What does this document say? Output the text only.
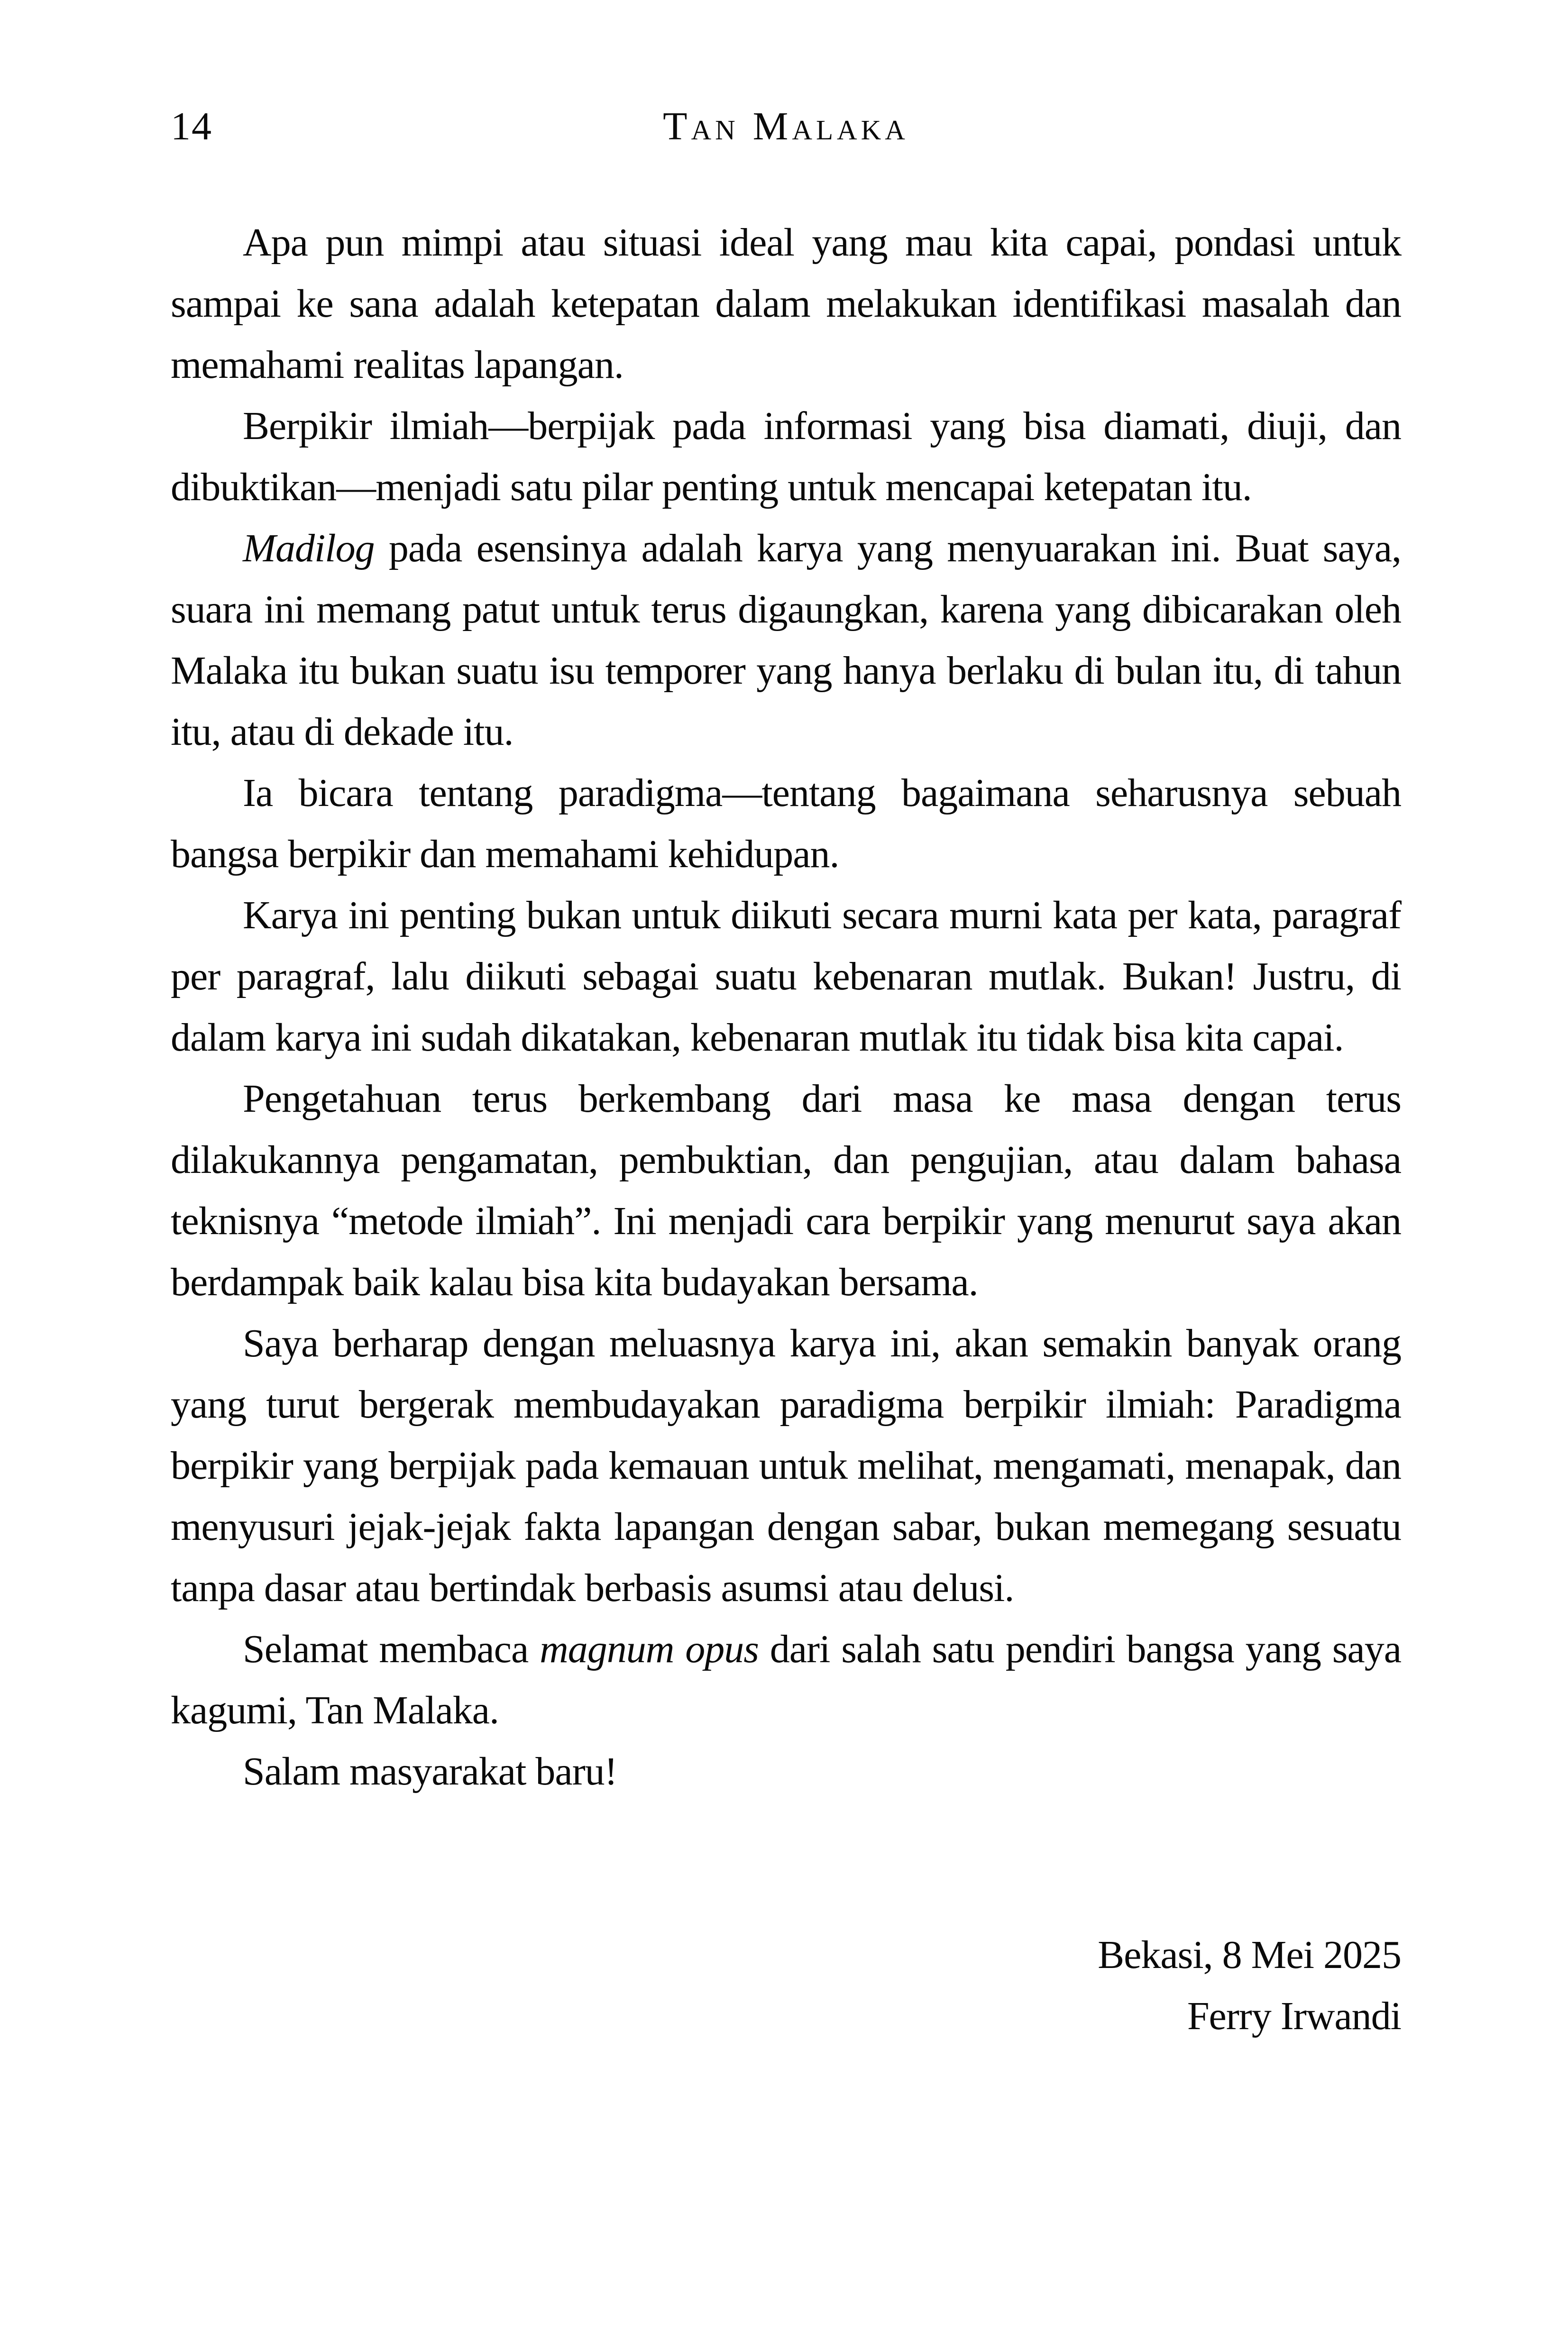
14	Tan Malaka

Apa pun mimpi atau situasi ideal yang mau kita capai, pondasi untuk sampai ke sana adalah ketepatan dalam melakukan identifikasi masalah dan memahami realitas lapangan.

Berpikir ilmiah—berpijak pada informasi yang bisa diamati, diuji, dan dibuktikan—menjadi satu pilar penting untuk mencapai ketepatan itu.

Madilog pada esensinya adalah karya yang menyuarakan ini. Buat saya, suara ini memang patut untuk terus digaungkan, karena yang dibicarakan oleh Malaka itu bukan suatu isu temporer yang hanya berlaku di bulan itu, di tahun itu, atau di dekade itu.

Ia bicara tentang paradigma—tentang bagaimana seharusnya sebuah bangsa berpikir dan memahami kehidupan.

Karya ini penting bukan untuk diikuti secara murni kata per kata, paragraf per paragraf, lalu diikuti sebagai suatu kebenaran mutlak. Bukan! Justru, di dalam karya ini sudah dikatakan, kebenaran mutlak itu tidak bisa kita capai.

Pengetahuan terus berkembang dari masa ke masa dengan terus dilakukannya pengamatan, pembuktian, dan pengujian, atau dalam bahasa teknisnya “metode ilmiah”. Ini menjadi cara berpikir yang menurut saya akan berdampak baik kalau bisa kita budayakan bersama.

Saya berharap dengan meluasnya karya ini, akan semakin banyak orang yang turut bergerak membudayakan paradigma berpikir ilmiah: Paradigma berpikir yang berpijak pada kemauan untuk melihat, mengamati, menapak, dan menyusuri jejak-jejak fakta lapangan dengan sabar, bukan memegang sesuatu tanpa dasar atau bertindak berbasis asumsi atau delusi.

Selamat membaca magnum opus dari salah satu pendiri bangsa yang saya kagumi, Tan Malaka.

Salam masyarakat baru!

Bekasi, 8 Mei 2025
Ferry Irwandi
